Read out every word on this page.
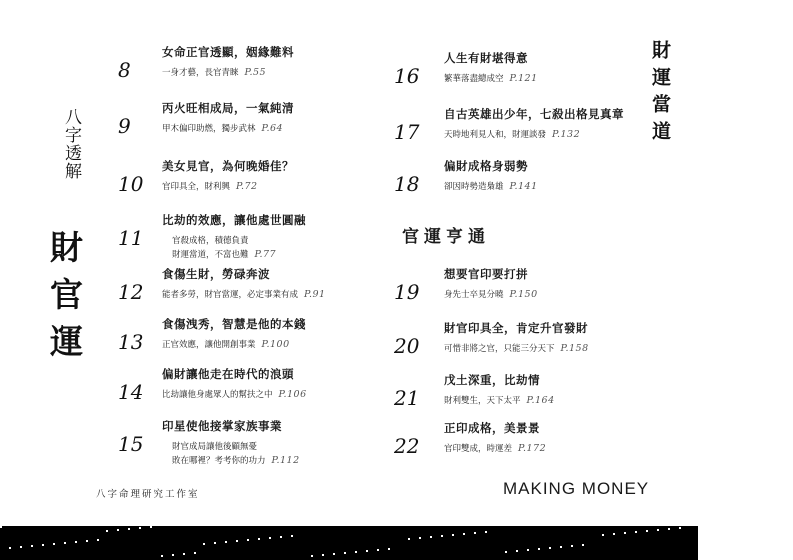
八字透解
財官運
財運當道
官運亨通
8
女命正官透顯，姻緣難料
一身才藝，長官青睞 P.55
9
丙火旺相成局，一氣純清
甲木偏印助燃，獨步武林 P.64
10
美女見官，為何晚婚佳？
官印具全，財利興 P.72
11
比劫的效應，讓他處世圓融
官殺成格，積德負責
財運當道，不富也難 P.77
12
食傷生財，勞碌奔波
能者多勞，財官當運，必定事業有成 P.91
13
食傷洩秀，智慧是他的本錢
正官效應，讓他開創事業 P.100
14
偏財讓他走在時代的浪頭
比劫讓他身處眾人的幫扶之中 P.106
15
印星使他接掌家族事業
財官成局讓他後顧無憂
敗在哪裡？考考你的功力 P.112
16
人生有財堪得意
繁華落盡總成空 P.121
17
自古英雄出少年，七殺出格見真章
天時地利見人和，財運談發 P.132
18
偏財成格身弱勢
卻因時勢造梟雄 P.141
19
想要官印要打拼
身先士卒見分曉 P.150
20
財官印具全，肯定升官發財
可惜非將之官，只能三分天下 P.158
21
戊土深重，比劫情
財利雙生，天下太平 P.164
22
正印成格，美景景
官印雙成，時運差 P.172
八字命理研究工作室	MAKING MONEY
